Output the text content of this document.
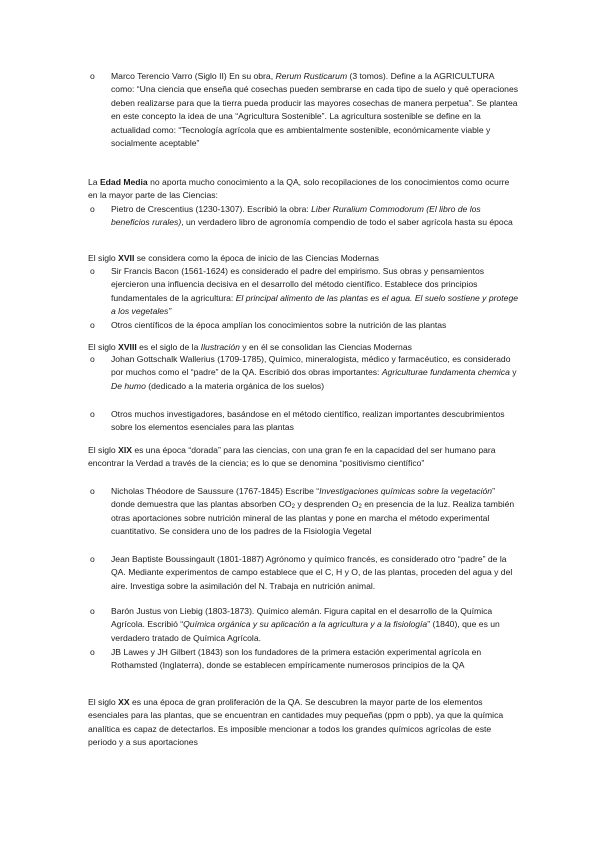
o Marco Terencio Varro (Siglo II) En su obra, Rerum Rusticarum (3 tomos). Define a la AGRICULTURA como: “Una ciencia que enseña qué cosechas pueden sembrarse en cada tipo de suelo y qué operaciones deben realizarse para que la tierra pueda producir las mayores cosechas de manera perpetua”. Se plantea en este concepto la idea de una “Agricultura Sostenible”. La agricultura sostenible se define en la actualidad como: “Tecnología agrícola que es ambientalmente sostenible, económicamente viable y socialmente aceptable”

La Edad Media no aporta mucho conocimiento a la QA, solo recopilaciones de los conocimientos como ocurre en la mayor parte de las Ciencias:

o Pietro de Crescentius (1230-1307). Escribió la obra: Liber Ruralium Commodorum (El libro de los beneficios rurales), un verdadero libro de agronomía compendio de todo el saber agrícola hasta su época

El siglo XVII se considera como la época de inicio de las Ciencias Modernas

o Sir Francis Bacon (1561-1624) es considerado el padre del empirismo. Sus obras y pensamientos ejercieron una influencia decisiva en el desarrollo del método científico. Establece dos principios fundamentales de la agricultura: El principal alimento de las plantas es el agua. El suelo sostiene y protege a los vegetales”

o Otros científicos de la época amplían los conocimientos sobre la nutrición de las plantas

El siglo XVIII es el siglo de la Ilustración y en él se consolidan las Ciencias Modernas

o Johan Gottschalk Wallerius (1709-1785), Químico, mineralogista, médico y farmacéutico, es considerado por muchos como el “padre” de la QA. Escribió dos obras importantes: Agriculturae fundamenta chemica y De humo (dedicado a la materia orgánica de los suelos)

o Otros muchos investigadores, basándose en el método científico, realizan importantes descubrimientos sobre los elementos esenciales para las plantas

El siglo XIX es una época “dorada” para las ciencias, con una gran fe en la capacidad del ser humano para encontrar la Verdad a través de la ciencia; es lo que se denomina “positivismo científico”

o Nicholas Théodore de Saussure (1767-1845) Escribe “Investigaciones químicas sobre la vegetación” donde demuestra que las plantas absorben $CO_2$ y desprenden $O_2$ en presencia de la luz. Realiza también otras aportaciones sobre nutrición mineral de las plantas y pone en marcha el método experimental cuantitativo. Se considera uno de los padres de la Fisiología Vegetal

o Jean Baptiste Boussingault (1801-1887) Agrónomo y químico francés, es considerado otro “padre” de la QA. Mediante experimentos de campo establece que el C, H y O, de las plantas, proceden del agua y del aire. Investiga sobre la asimilación del N. Trabaja en nutrición animal.

o Barón Justus von Liebig (1803-1873). Químico alemán. Figura capital en el desarrollo de la Química Agrícola. Escribió “Química orgánica y su aplicación a la agricultura y a la fisiología” (1840), que es un verdadero tratado de Química Agrícola.

o JB Lawes y JH Gilbert (1843) son los fundadores de la primera estación experimental agrícola en Rothamsted (Inglaterra), donde se establecen empíricamente numerosos principios de la QA

El siglo XX es una época de gran proliferación de la QA. Se descubren la mayor parte de los elementos esenciales para las plantas, que se encuentran en cantidades muy pequeñas (ppm o ppb), ya que la química analítica es capaz de detectarlos. Es imposible mencionar a todos los grandes químicos agrícolas de este periodo y a sus aportaciones
